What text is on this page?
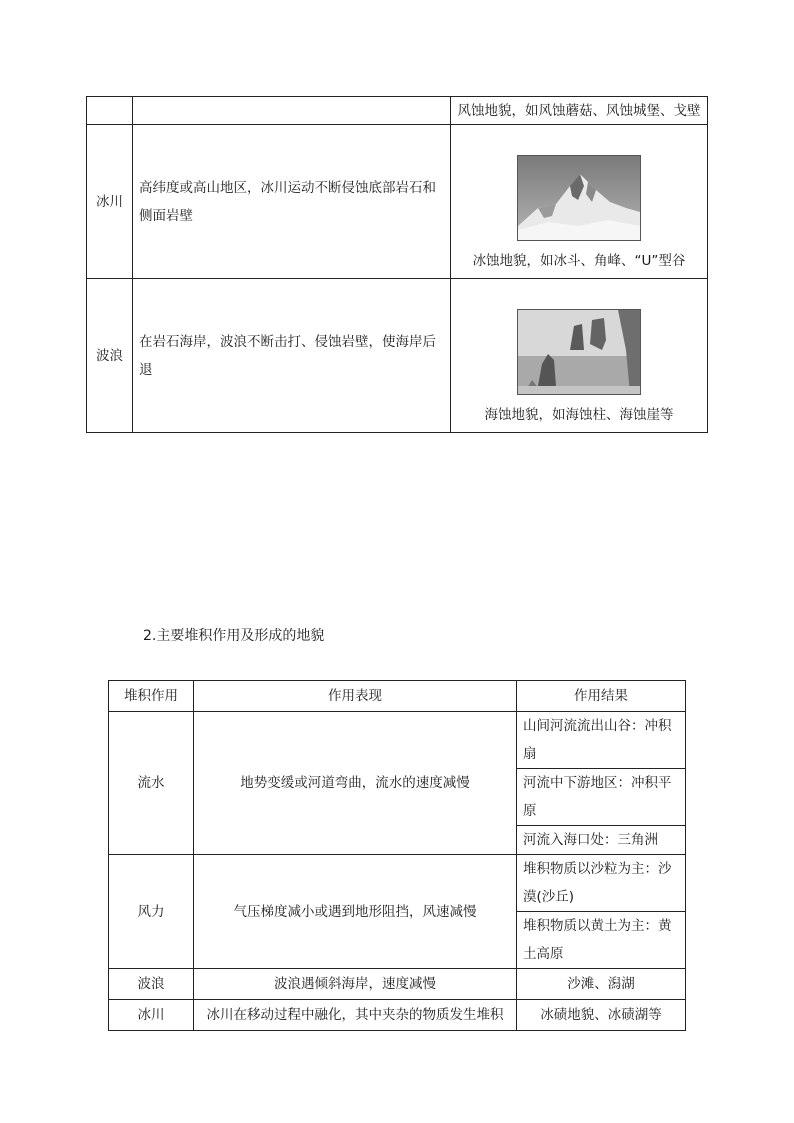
		风蚀地貌，如风蚀蘑菇、风蚀城堡、戈壁
冰川	高纬度或高山地区，冰川运动不断侵蚀底部岩石和侧面岩壁	冰蚀地貌，如冰斗、角峰、“U”型谷

波浪	在岩石海岸，波浪不断击打、侵蚀岩壁，使海岸后退	海蚀地貌，如海蚀柱、海蚀崖等
2.主要堆积作用及形成的地貌
堆积作用	作用表现	作用结果
流水	地势变缓或河道弯曲，流水的速度减慢	山间河流流出山谷：冲积扇
		河流中下游地区：冲积平原
		河流入海口处：三角洲
风力	气压梯度减小或遇到地形阻挡，风速减慢	堆积物质以沙粒为主：沙漠(沙丘)
		堆积物质以黄土为主：黄土高原
波浪	波浪遇倾斜海岸，速度减慢	沙滩、潟湖
冰川	冰川在移动过程中融化，其中夹杂的物质发生堆积	冰碛地貌、冰碛湖等
